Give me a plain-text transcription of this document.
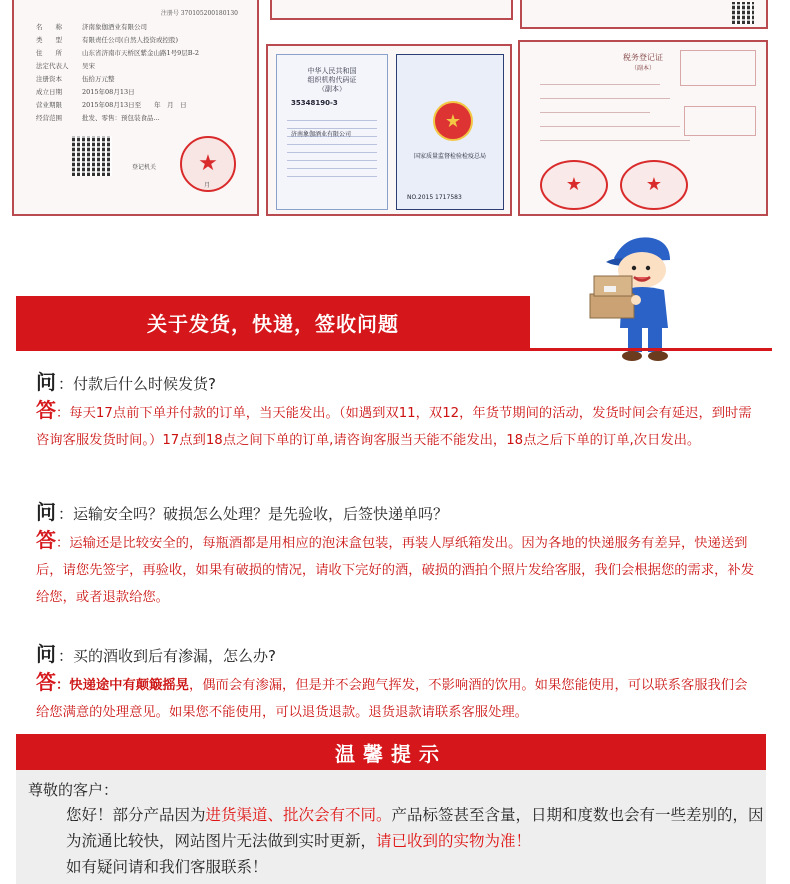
注册号 370105200180130
名　　称	济南象伽酒业有限公司
类　　型	有限责任公司(自然人投资或控股)
住　　所	山东省济南市天桥区紫金山路1号9层B-2
法定代表人 吴宋
注册资本	伍拾万元整
成立日期	2015年08月13日
营业期限	2015年08月13日至　　年　月　日
经营范围	批发、零售：预包装食品...
登记机关 ★
月
中华人民共和国
组织机构代码证
（副本）
35348190-3
济南象伽酒业有限公司
★
国家质量监督检验检疫总局
NO.2015 1717583
税务登记证
（副本）
★
★
关于发货，快递，签收问题
问 ：付款后什么时候发货?
答：每天17点前下单并付款的订单，当天能发出。（如遇到双11，双12，年货节期间的活动，发货时间会有延迟，到时需咨询客服发货时间。）17点到18点之间下单的订单,请咨询客服当天能不能发出，18点之后下单的订单,次日发出。
问 ：运输安全吗？破损怎么处理？是先验收，后签快递单吗？
答：运输还是比较安全的，每瓶酒都是用相应的泡沫盒包装，再装人厚纸箱发出。因为各地的快递服务有差异，快递送到后，请您先签字，再验收，如果有破损的情况，请收下完好的酒，破损的酒拍个照片发给客服，我们会根据您的需求，补发给您，或者退款给您。
问 ：买的酒收到后有渗漏，怎么办?
答：快递途中有颠簸摇晃，偶而会有渗漏，但是并不会跑气挥发，不影响酒的饮用。如果您能使用，可以联系客服我们会给您满意的处理意见。如果您不能使用，可以退货退款。退货退款请联系客服处理。
温馨提示
尊敬的客户：
您好！部分产品因为进货渠道、批次会有不同。产品标签甚至含量，日期和度数也会有一些差别的，因为流通比较快，网站图片无法做到实时更新，请已收到的实物为准！
如有疑问请和我们客服联系！
